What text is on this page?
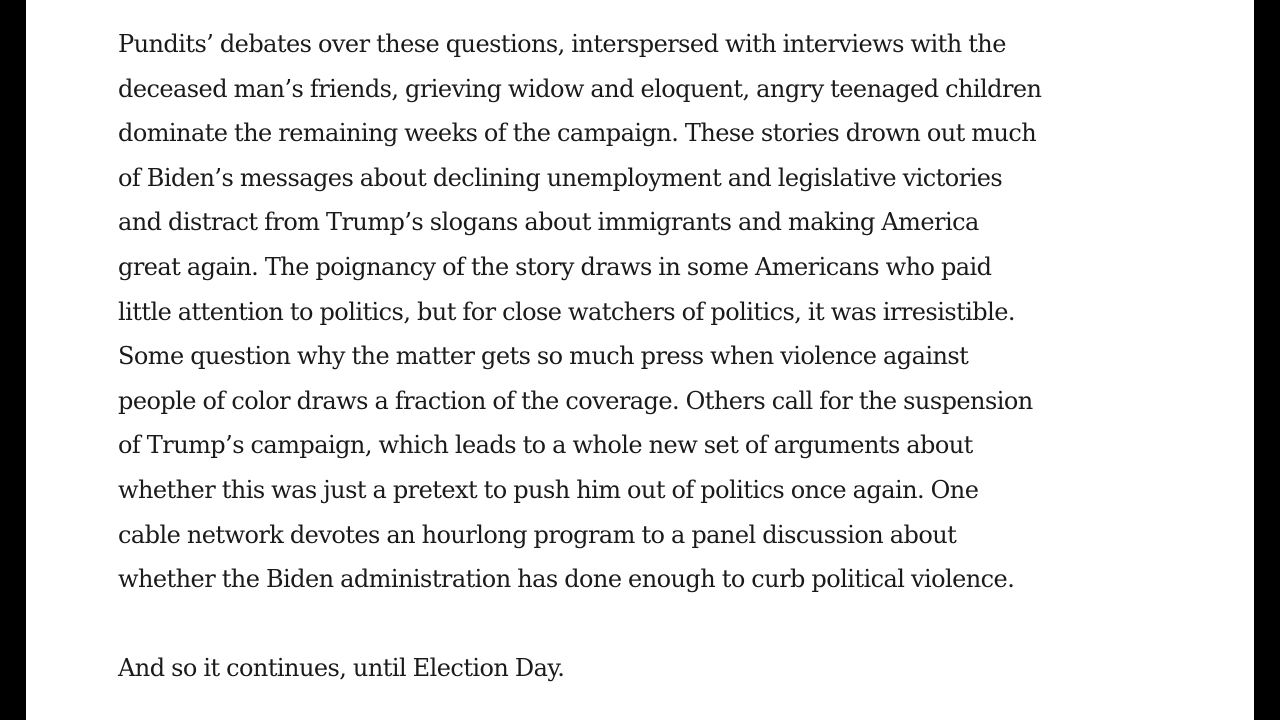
Pundits’ debates over these questions, interspersed with interviews with the
deceased man’s friends, grieving widow and eloquent, angry teenaged children
dominate the remaining weeks of the campaign. These stories drown out much
of Biden’s messages about declining unemployment and legislative victories
and distract from Trump’s slogans about immigrants and making America
great again. The poignancy of the story draws in some Americans who paid
little attention to politics, but for close watchers of politics, it was irresistible.
Some question why the matter gets so much press when violence against
people of color draws a fraction of the coverage. Others call for the suspension
of Trump’s campaign, which leads to a whole new set of arguments about
whether this was just a pretext to push him out of politics once again. One
cable network devotes an hourlong program to a panel discussion about
whether the Biden administration has done enough to curb political violence.

And so it continues, until Election Day.
